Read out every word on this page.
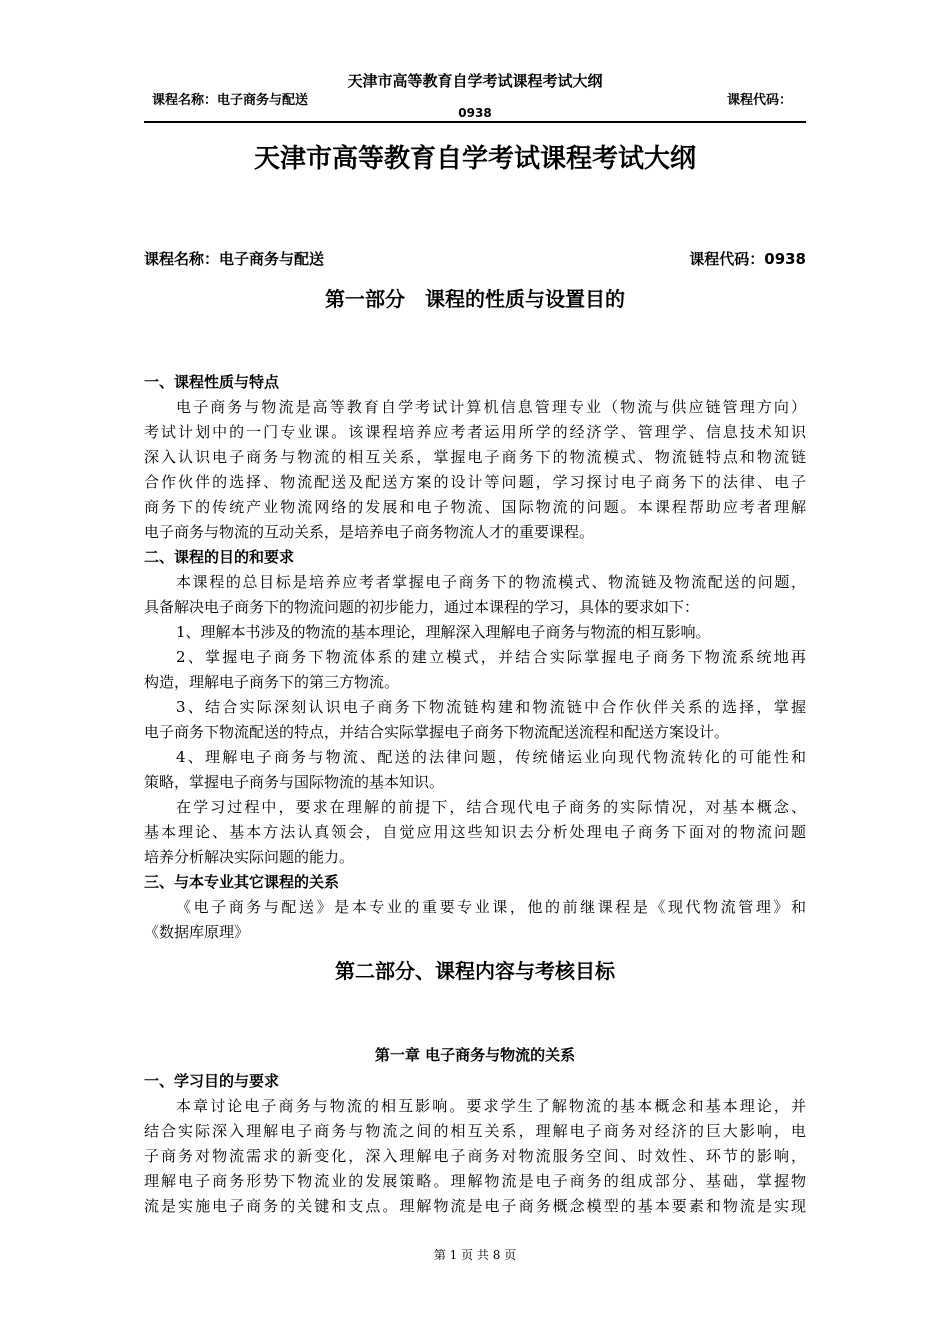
天津市高等教育自学考试课程考试大纲
课程名称：电子商务与配送	课程代码：
0938
天津市高等教育自学考试课程考试大纲
课程名称：电子商务与配送	课程代码：0938
第一部分　课程的性质与设置目的
一、课程性质与特点
电子商务与物流是高等教育自学考试计算机信息管理专业（物流与供应链管理方向）
考试计划中的一门专业课。该课程培养应考者运用所学的经济学、管理学、信息技术知识
深入认识电子商务与物流的相互关系，掌握电子商务下的物流模式、物流链特点和物流链
合作伙伴的选择、物流配送及配送方案的设计等问题，学习探讨电子商务下的法律、电子
商务下的传统产业物流网络的发展和电子物流、国际物流的问题。本课程帮助应考者理解
电子商务与物流的互动关系，是培养电子商务物流人才的重要课程。
二、课程的目的和要求
本课程的总目标是培养应考者掌握电子商务下的物流模式、物流链及物流配送的问题，
具备解决电子商务下的物流问题的初步能力，通过本课程的学习，具体的要求如下：
1、理解本书涉及的物流的基本理论，理解深入理解电子商务与物流的相互影响。
2、掌握电子商务下物流体系的建立模式，并结合实际掌握电子商务下物流系统地再
构造，理解电子商务下的第三方物流。
3、结合实际深刻认识电子商务下物流链构建和物流链中合作伙伴关系的选择，掌握
电子商务下物流配送的特点，并结合实际掌握电子商务下物流配送流程和配送方案设计。
4、理解电子商务与物流、配送的法律问题，传统储运业向现代物流转化的可能性和
策略，掌握电子商务与国际物流的基本知识。
在学习过程中，要求在理解的前提下，结合现代电子商务的实际情况，对基本概念、
基本理论、基本方法认真领会，自觉应用这些知识去分析处理电子商务下面对的物流问题
培养分析解决实际问题的能力。
三、与本专业其它课程的关系
《电子商务与配送》是本专业的重要专业课，他的前继课程是《现代物流管理》和
《数据库原理》
第二部分、课程内容与考核目标
第一章 电子商务与物流的关系
一、学习目的与要求
本章讨论电子商务与物流的相互影响。要求学生了解物流的基本概念和基本理论，并
结合实际深入理解电子商务与物流之间的相互关系，理解电子商务对经济的巨大影响，电
子商务对物流需求的新变化，深入理解电子商务对物流服务空间、时效性、环节的影响，
理解电子商务形势下物流业的发展策略。理解物流是电子商务的组成部分、基础，掌握物
流是实施电子商务的关键和支点。理解物流是电子商务概念模型的基本要素和物流是实现
第 1 页 共 8 页
